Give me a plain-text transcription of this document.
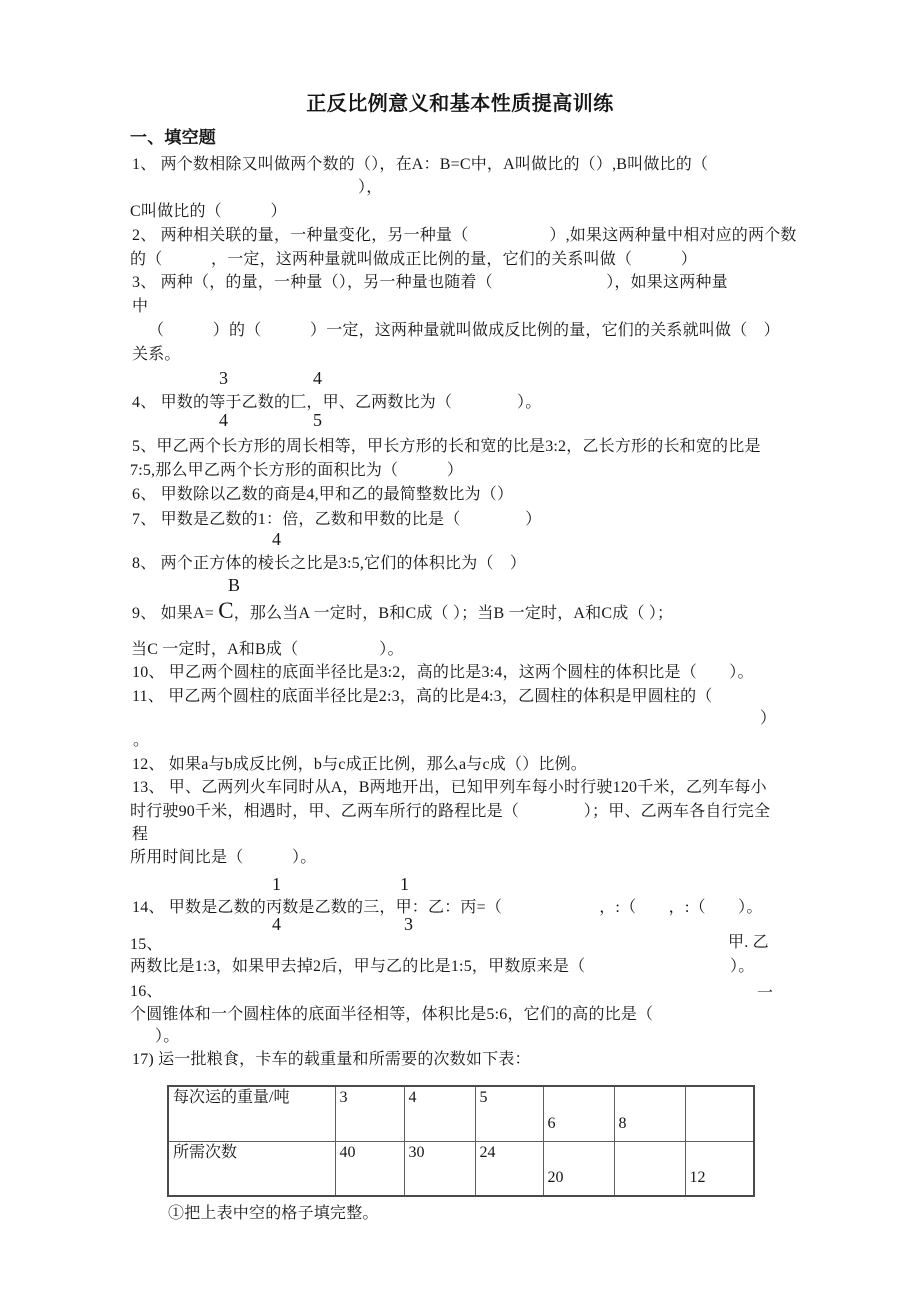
正反比例意义和基本性质提高训练
一、填空题
1、 两个数相除又叫做两个数的（），在A：B=C中，A叫做比的（）,B叫做比的（
），
C叫做比的（　　　）
2、 两种相关联的量，一种量变化，另一种量（　　　　　）,如果这两种量中相对应的两个数
的（　　　，一定，这两种量就叫做成正比例的量，它们的关系叫做（　　　）
3、 两种（，的量，一种量（），另一种量也随着（　　　　　　　），如果这两种量
中
（　　　）的（　　　）一定，这两种量就叫做成反比例的量，它们的关系就叫做（　）
关系。
3	4
4、 甲数的等于乙数的匚，甲、乙两数比为（　　　　）。
4	5
5、甲乙两个长方形的周长相等，甲长方形的长和宽的比是3:2，乙长方形的长和宽的比是
7:5,那么甲乙两个长方形的面积比为（　　　）
6、 甲数除以乙数的商是4,甲和乙的最简整数比为（）
7、 甲数是乙数的1：倍，乙数和甲数的比是（　　　　）
4
8、 两个正方体的棱长之比是3:5,它们的体积比为（　）
B
9、 如果A= C，那么当A 一定时，B和C成（ ）；当B 一定时，A和C成（ ）；
当C 一定时，A和B成（　　　　　）。
10、 甲乙两个圆柱的底面半径比是3:2，高的比是3:4，这两个圆柱的体积比是（　　）。
11、 甲乙两个圆柱的底面半径比是2:3，高的比是4:3，乙圆柱的体积是甲圆柱的（
）
。
12、 如果a与b成反比例，b与c成正比例，那么a与c成（）比例。
13、 甲、乙两列火车同时从A，B两地开出，已知甲列车每小时行驶120千米，乙列车每小
时行驶90千米，相遇时，甲、乙两车所行的路程比是（　　　　）；甲、乙两车各自行完全
程
所用时间比是（　　　）。
1	1
14、 甲数是乙数的丙数是乙数的三，甲：乙：丙=（　　　　　　，:（　　，:（　　）。
4	3
15、	甲. 乙
两数比是1:3，如果甲去掉2后，甲与乙的比是1:5，甲数原来是（	）。
16、	一
个圆锥体和一个圆柱体的底面半径相等，体积比是5:6，它们的高的比是（
）。
17) 运一批粮食，卡车的载重量和所需要的次数如下表：
每次运的重量/吨	3	4	5	6	8	
所需次数	40	30	24	20		12
①把上表中空的格子填完整。
